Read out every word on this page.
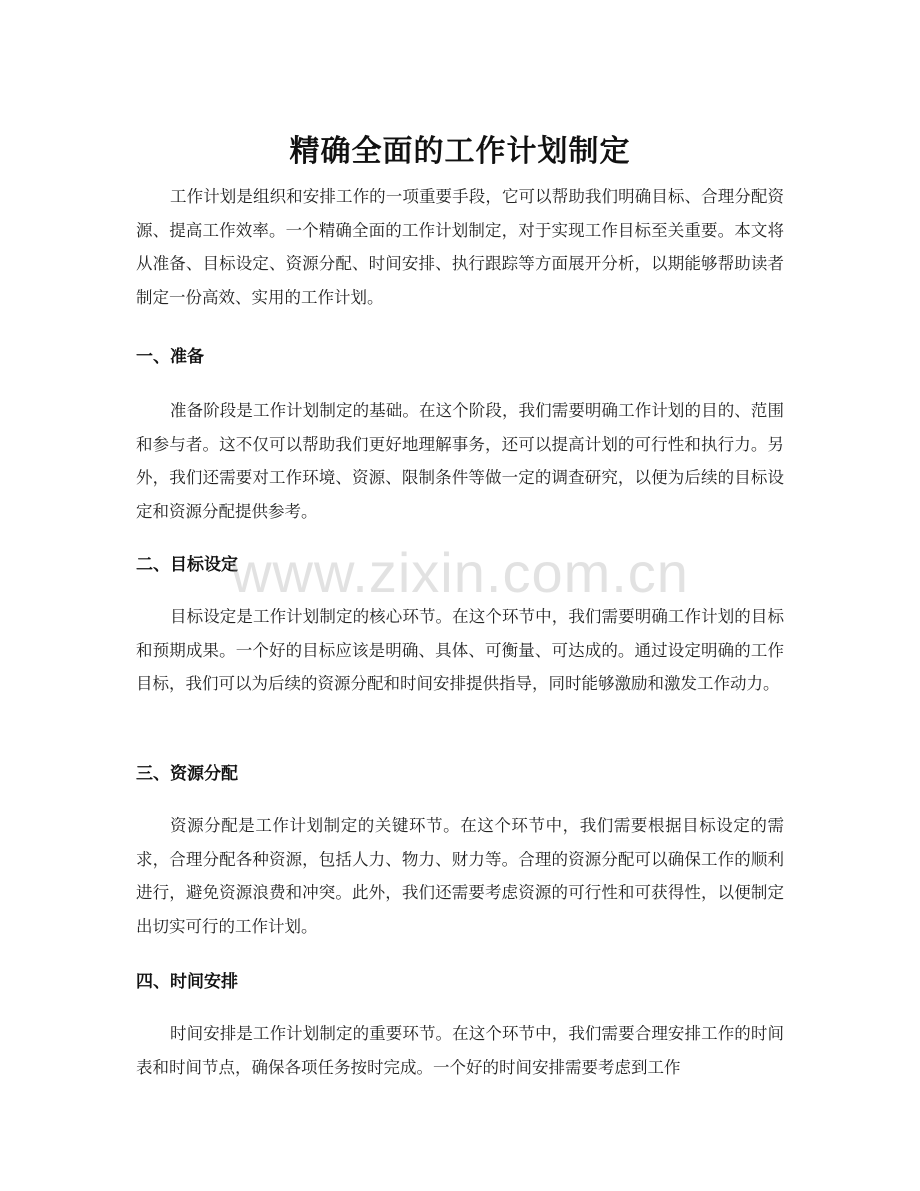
精确全面的工作计划制定

工作计划是组织和安排工作的一项重要手段，它可以帮助我们明确目标、合理分配资源、提高工作效率。一个精确全面的工作计划制定，对于实现工作目标至关重要。本文将从准备、目标设定、资源分配、时间安排、执行跟踪等方面展开分析，以期能够帮助读者制定一份高效、实用的工作计划。

一、准备

准备阶段是工作计划制定的基础。在这个阶段，我们需要明确工作计划的目的、范围和参与者。这不仅可以帮助我们更好地理解事务，还可以提高计划的可行性和执行力。另外，我们还需要对工作环境、资源、限制条件等做一定的调查研究，以便为后续的目标设定和资源分配提供参考。

二、目标设定

目标设定是工作计划制定的核心环节。在这个环节中，我们需要明确工作计划的目标和预期成果。一个好的目标应该是明确、具体、可衡量、可达成的。通过设定明确的工作目标，我们可以为后续的资源分配和时间安排提供指导，同时能够激励和激发工作动力。

三、资源分配

资源分配是工作计划制定的关键环节。在这个环节中，我们需要根据目标设定的需求，合理分配各种资源，包括人力、物力、财力等。合理的资源分配可以确保工作的顺利进行，避免资源浪费和冲突。此外，我们还需要考虑资源的可行性和可获得性，以便制定出切实可行的工作计划。

四、时间安排

时间安排是工作计划制定的重要环节。在这个环节中，我们需要合理安排工作的时间表和时间节点，确保各项任务按时完成。一个好的时间安排需要考虑到工作

www.zixin.com.cn
